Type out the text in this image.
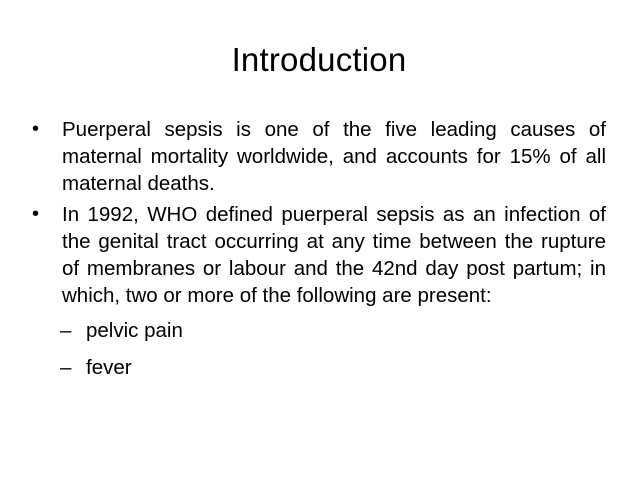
Introduction
•	Puerperal sepsis is one of the five leading causes of maternal mortality worldwide, and accounts for 15% of all maternal deaths.
•	In 1992, WHO defined puerperal sepsis as an infection of the genital tract occurring at any time between the rupture of membranes or labour and the 42nd day post partum; in which, two or more of the following are present:
– pelvic pain
– fever
